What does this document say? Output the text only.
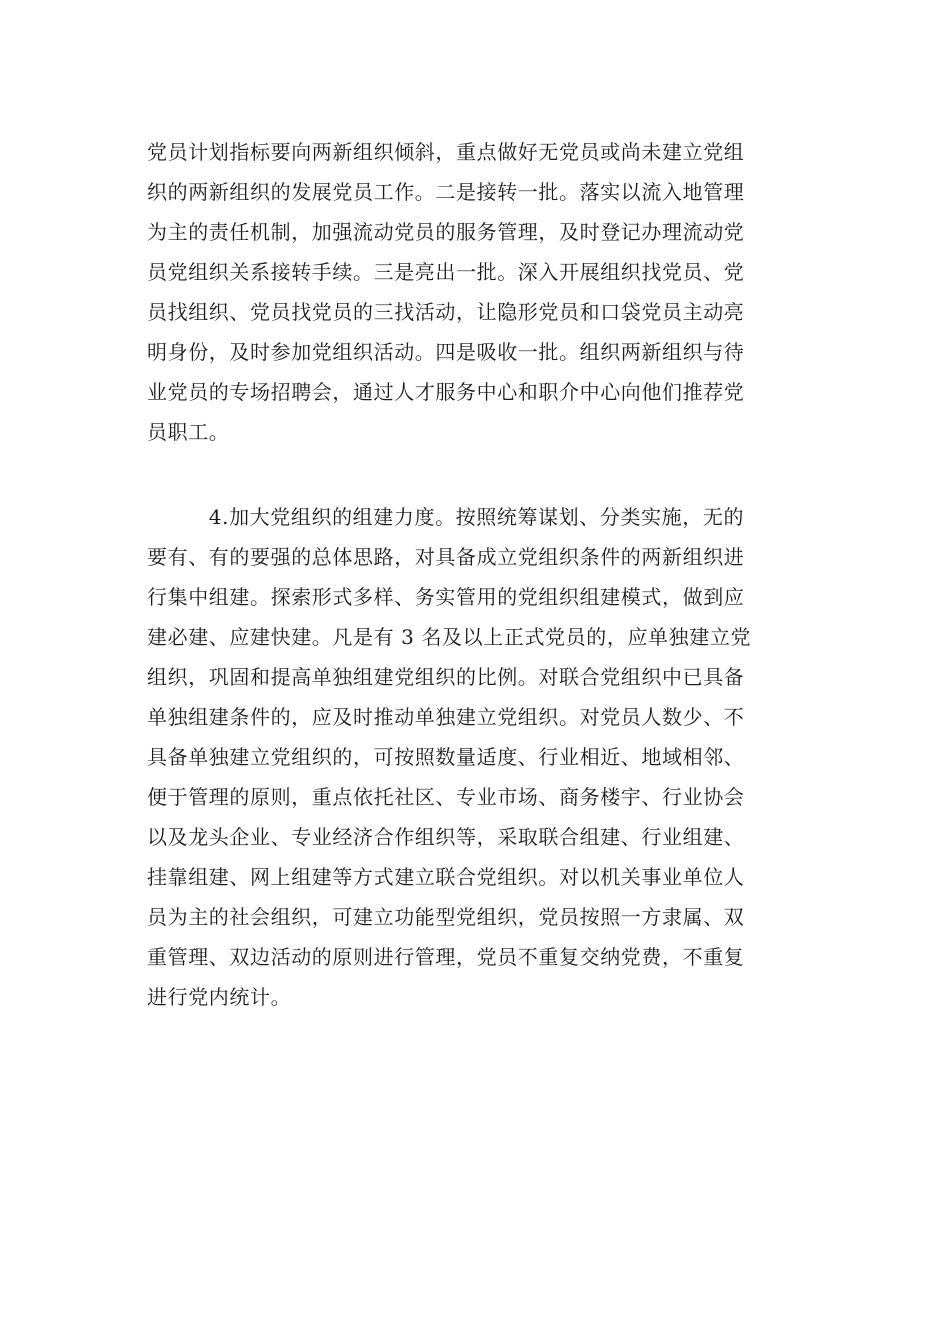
党员计划指标要向两新组织倾斜，重点做好无党员或尚未建立党组
织的两新组织的发展党员工作。二是接转一批。落实以流入地管理
为主的责任机制，加强流动党员的服务管理，及时登记办理流动党
员党组织关系接转手续。三是亮出一批。深入开展组织找党员、党
员找组织、党员找党员的三找活动，让隐形党员和口袋党员主动亮
明身份，及时参加党组织活动。四是吸收一批。组织两新组织与待
业党员的专场招聘会，通过人才服务中心和职介中心向他们推荐党
员职工。
　　　4.加大党组织的组建力度。按照统筹谋划、分类实施，无的
要有、有的要强的总体思路，对具备成立党组织条件的两新组织进
行集中组建。探索形式多样、务实管用的党组织组建模式，做到应
建必建、应建快建。凡是有 3 名及以上正式党员的，应单独建立党
组织，巩固和提高单独组建党组织的比例。对联合党组织中已具备
单独组建条件的，应及时推动单独建立党组织。对党员人数少、不
具备单独建立党组织的，可按照数量适度、行业相近、地域相邻、
便于管理的原则，重点依托社区、专业市场、商务楼宇、行业协会
以及龙头企业、专业经济合作组织等，采取联合组建、行业组建、
挂靠组建、网上组建等方式建立联合党组织。对以机关事业单位人
员为主的社会组织，可建立功能型党组织，党员按照一方隶属、双
重管理、双边活动的原则进行管理，党员不重复交纳党费，不重复
进行党内统计。
